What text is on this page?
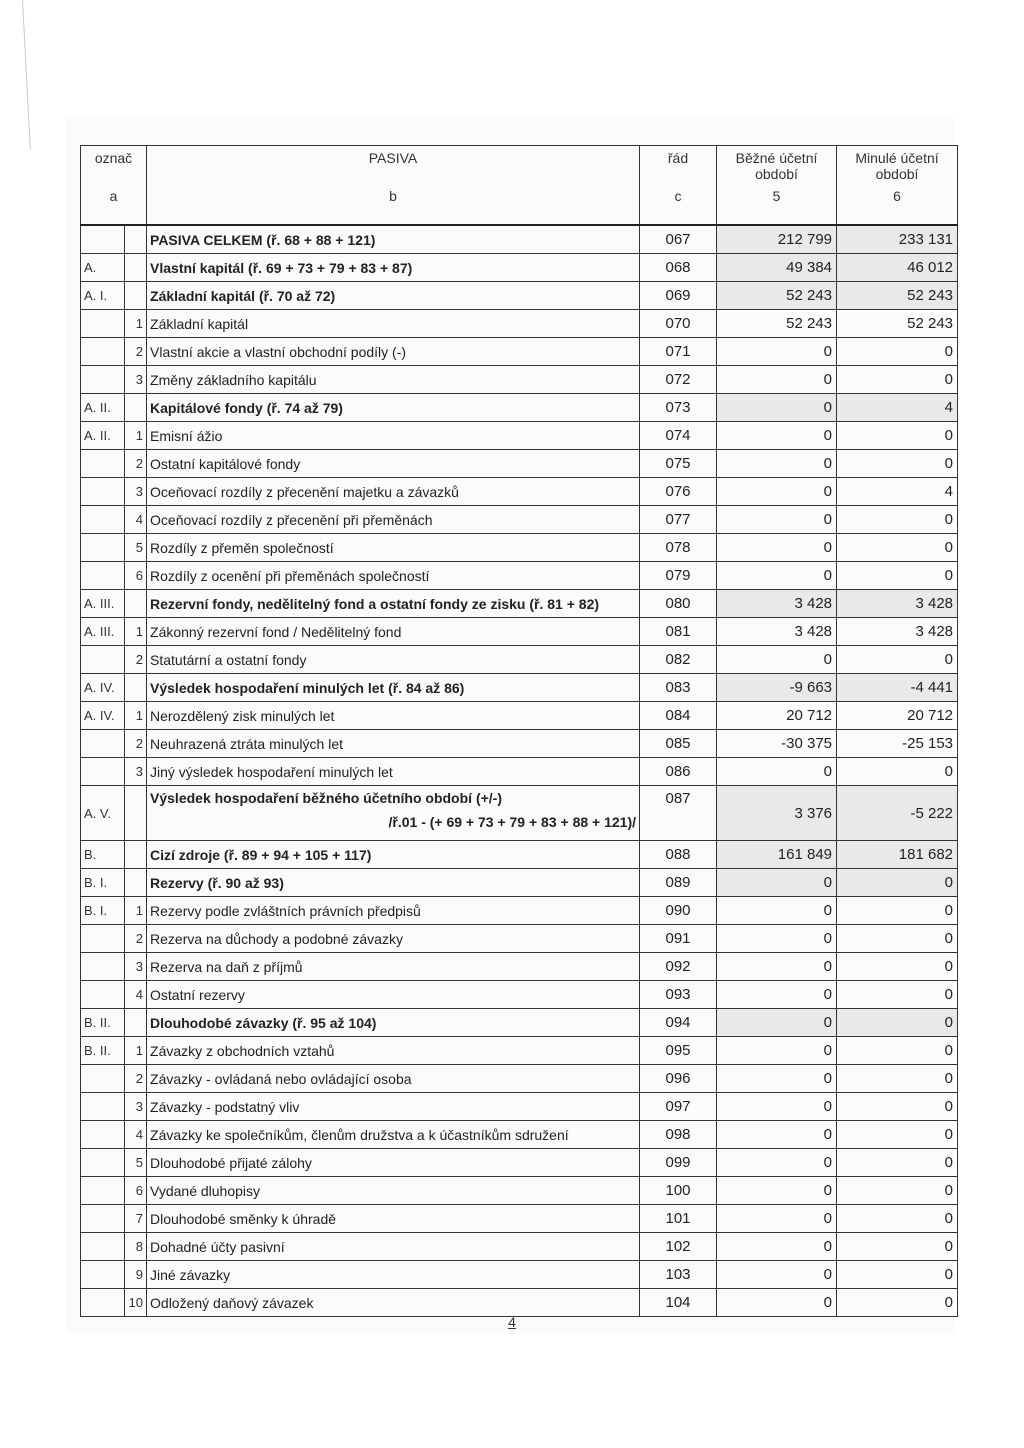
označ		PASIVA	řád	Běžné účetní
období	Minulé účetní
období
a		b	c	5	6
		PASIVA CELKEM (ř. 68 + 88 + 121)	067	212 799	233 131
A.		Vlastní kapitál (ř. 69 + 73 + 79 + 83 + 87)	068	49 384	46 012
A. I.		Základní kapitál (ř. 70 až 72)	069	52 243	52 243
	1	Základní kapitál	070	52 243	52 243
	2	Vlastní akcie a vlastní obchodní podíly (-)	071	0	0
	3	Změny základního kapitálu	072	0	0
A. II.		Kapitálové fondy (ř. 74 až 79)	073	0	4
A. II.	1	Emisní ážio	074	0	0
	2	Ostatní kapitálové fondy	075	0	0
	3	Oceňovací rozdíly z přecenění majetku a závazků	076	0	4
	4	Oceňovací rozdíly z přecenění při přeměnách	077	0	0
	5	Rozdíly z přeměn společností	078	0	0
	6	Rozdíly z ocenění při přeměnách společností	079	0	0
A. III.		Rezervní fondy, nedělitelný fond a ostatní fondy ze zisku (ř. 81 + 82)	080	3 428	3 428
A. III.	1	Zákonný rezervní fond / Nedělitelný fond	081	3 428	3 428
	2	Statutární a ostatní fondy	082	0	0
A. IV.		Výsledek hospodaření minulých let (ř. 84 až 86)	083	-9 663	-4 441
A. IV.	1	Nerozdělený zisk minulých let	084	20 712	20 712
	2	Neuhrazená ztráta minulých let	085	-30 375	-25 153
	3	Jiný výsledek hospodaření minulých let	086	0	0
A. V.		Výsledek hospodaření běžného účetního období (+/-)
/ř.01 - (+ 69 + 73 + 79 + 83 + 88 + 121)/	087	3 376	-5 222
B.		Cizí zdroje (ř. 89 + 94 + 105 + 117)	088	161 849	181 682
B. I.		Rezervy (ř. 90 až 93)	089	0	0
B. I.	1	Rezervy podle zvláštních právních předpisů	090	0	0
	2	Rezerva na důchody a podobné závazky	091	0	0
	3	Rezerva na daň z příjmů	092	0	0
	4	Ostatní rezervy	093	0	0
B. II.		Dlouhodobé závazky (ř. 95 až 104)	094	0	0
B. II.	1	Závazky z obchodních vztahů	095	0	0
	2	Závazky - ovládaná nebo ovládající osoba	096	0	0
	3	Závazky - podstatný vliv	097	0	0
	4	Závazky ke společníkům, členům družstva a k účastníkům sdružení	098	0	0
	5	Dlouhodobé přijaté zálohy	099	0	0
	6	Vydané dluhopisy	100	0	0
	7	Dlouhodobé směnky k úhradě	101	0	0
	8	Dohadné účty pasivní	102	0	0
	9	Jiné závazky	103	0	0
	10	Odložený daňový závazek	104	0	0
4
